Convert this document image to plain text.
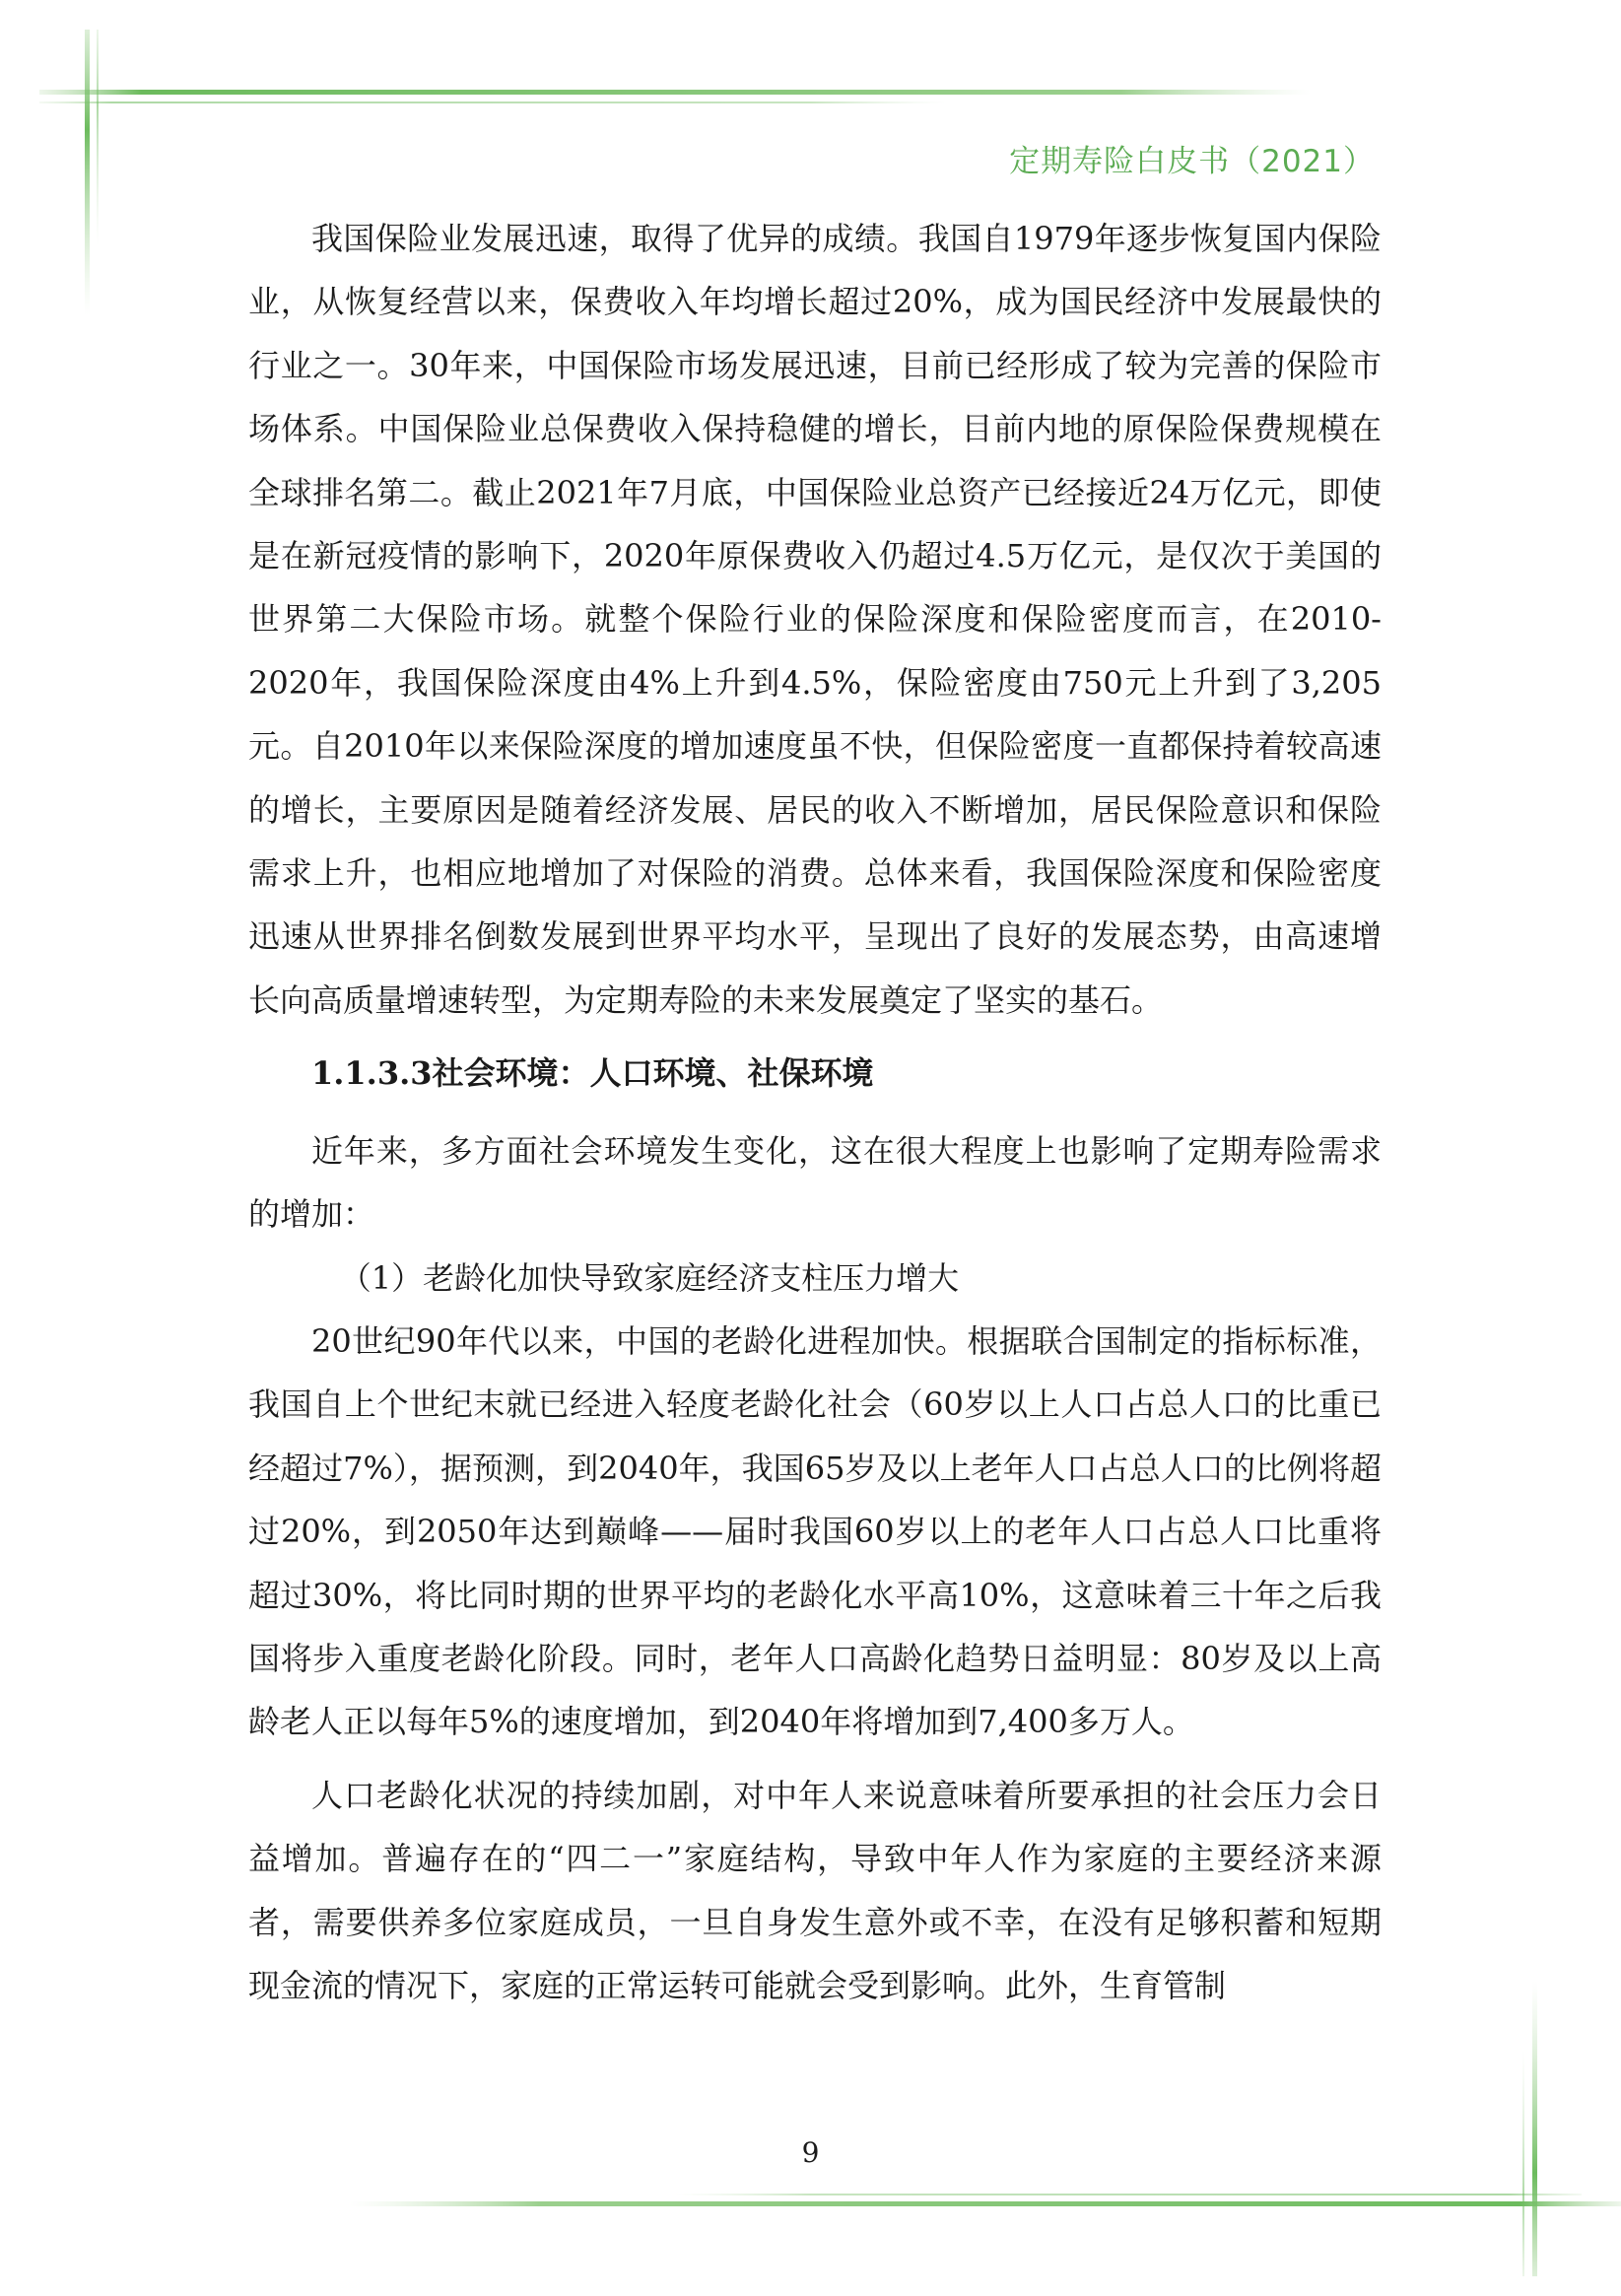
定期寿险白皮书（2021）

我国保险业发展迅速，取得了优异的成绩。我国自1979年逐步恢复国内保险业，从恢复经营以来，保费收入年均增长超过20%，成为国民经济中发展最快的行业之一。30年来，中国保险市场发展迅速，目前已经形成了较为完善的保险市场体系。中国保险业总保费收入保持稳健的增长，目前内地的原保险保费规模在全球排名第二。截止2021年7月底，中国保险业总资产已经接近24万亿元，即使是在新冠疫情的影响下，2020年原保费收入仍超过4.5万亿元，是仅次于美国的世界第二大保险市场。就整个保险行业的保险深度和保险密度而言，在2010-2020年，我国保险深度由4%上升到4.5%，保险密度由750元上升到了3,205元。自2010年以来保险深度的增加速度虽不快，但保险密度一直都保持着较高速的增长，主要原因是随着经济发展、居民的收入不断增加，居民保险意识和保险需求上升，也相应地增加了对保险的消费。总体来看，我国保险深度和保险密度迅速从世界排名倒数发展到世界平均水平，呈现出了良好的发展态势，由高速增长向高质量增速转型，为定期寿险的未来发展奠定了坚实的基石。

1.1.3.3社会环境：人口环境、社保环境

近年来，多方面社会环境发生变化，这在很大程度上也影响了定期寿险需求的增加：

（1）老龄化加快导致家庭经济支柱压力增大

20世纪90年代以来，中国的老龄化进程加快。根据联合国制定的指标标准，我国自上个世纪末就已经进入轻度老龄化社会（60岁以上人口占总人口的比重已经超过7%），据预测，到2040年，我国65岁及以上老年人口占总人口的比例将超过20%，到2050年达到巅峰——届时我国60岁以上的老年人口占总人口比重将超过30%，将比同时期的世界平均的老龄化水平高10%，这意味着三十年之后我国将步入重度老龄化阶段。同时，老年人口高龄化趋势日益明显：80岁及以上高龄老人正以每年5%的速度增加，到2040年将增加到7,400多万人。

人口老龄化状况的持续加剧，对中年人来说意味着所要承担的社会压力会日益增加。普遍存在的“四二一”家庭结构，导致中年人作为家庭的主要经济来源者，需要供养多位家庭成员，一旦自身发生意外或不幸，在没有足够积蓄和短期现金流的情况下，家庭的正常运转可能就会受到影响。此外，生育管制

9
